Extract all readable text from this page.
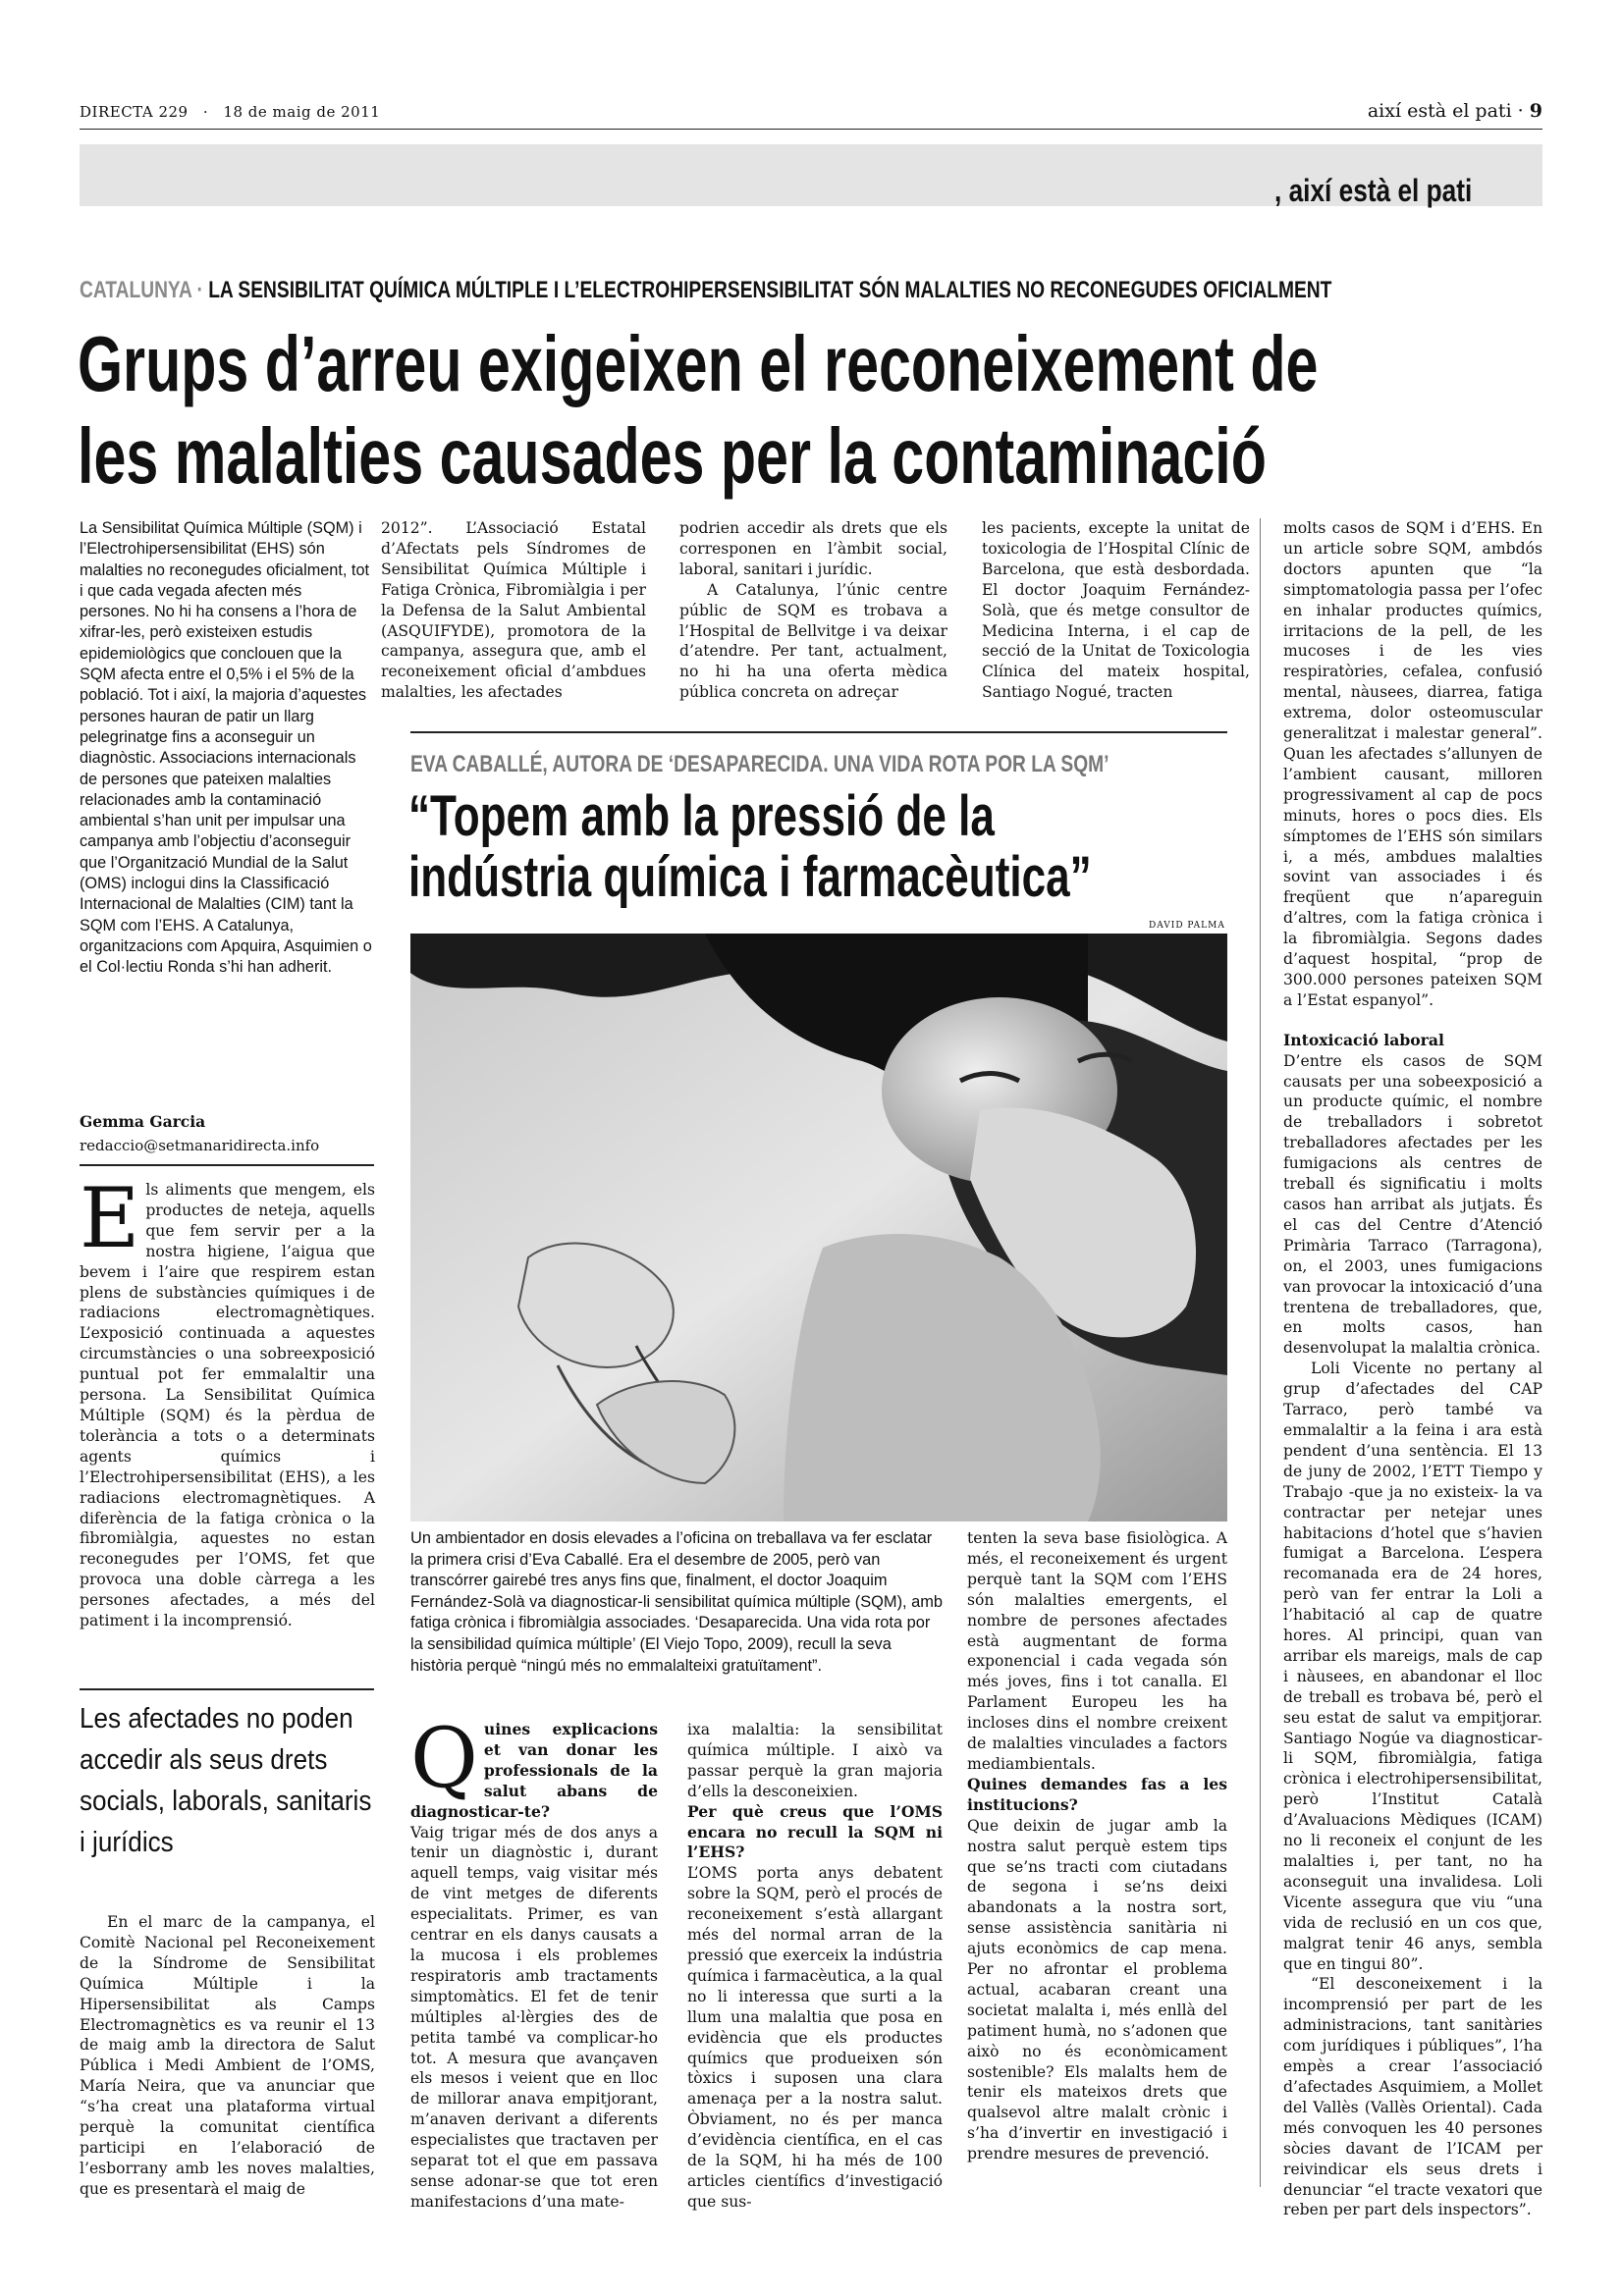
DIRECTA 229 · 18 de maig de 2011	així està el pati · 9
, així està el pati
CATALUNYA · LA SENSIBILITAT QUÍMICA MÚLTIPLE I L’ELECTROHIPERSENSIBILITAT SÓN MALALTIES NO RECONEGUDES OFICIALMENT
Grups d’arreu exigeixen el reconeixement de
les malalties causades per la contaminació
La Sensibilitat Química Múltiple (SQM) i l’Electrohipersensibilitat (EHS) són malalties no reconegudes oficialment, tot i que cada vegada afecten més persones. No hi ha consens a l’hora de xifrar-les, però existeixen estudis epidemiològics que conclouen que la SQM afecta entre el 0,5% i el 5% de la població. Tot i així, la majoria d’aquestes persones hauran de patir un llarg pelegrinatge fins a aconseguir un diagnòstic. Associacions internacionals de persones que pateixen malalties relacionades amb la contaminació ambiental s’han unit per impulsar una campanya amb l’objectiu d’aconseguir que l’Organització Mundial de la Salut (OMS) inclogui dins la Classificació Internacional de Malalties (CIM) tant la SQM com l’EHS. A Catalunya, organitzacions com Apquira, Asquimien o el Col·lectiu Ronda s’hi han adherit.
Gemma Garcia
redaccio@setmanaridirecta.info
E ls aliments que mengem, els productes de neteja, aquells que fem servir per a la nostra higiene, l’aigua que bevem i l’aire que respirem estan plens de substàncies químiques i de radiacions electromagnètiques. L’exposició continuada a aquestes circumstàncies o una sobreexposició puntual pot fer emmalaltir una persona. La Sensibilitat Química Múltiple (SQM) és la pèrdua de tolerància a tots o a determinats agents químics i l’Electrohipersensibilitat (EHS), a les radiacions electromagnètiques. A diferència de la fatiga crònica o la fibromiàlgia, aquestes no estan reconegudes per l’OMS, fet que provoca una doble càrrega a les persones afectades, a més del patiment i la incomprensió.

Les afectades no poden accedir als seus drets socials, laborals, sanitaris i jurídics

En el marc de la campanya, el Comitè Nacional pel Reconeixement de la Síndrome de Sensibilitat Química Múltiple i la Hipersensibilitat als Camps Electromagnètics es va reunir el 13 de maig amb la directora de Salut Pública i Medi Ambient de l’OMS, María Neira, que va anunciar que “s’ha creat una plataforma virtual perquè la comunitat científica participi en l’elaboració de l’esborrany amb les noves malalties, que es presentarà el maig de

2012”. L’Associació Estatal d’Afectats pels Síndromes de Sensibilitat Química Múltiple i Fatiga Crònica, Fibromiàlgia i per la Defensa de la Salut Ambiental (ASQUIFYDE), promotora de la campanya, assegura que, amb el reconeixement oficial d’ambdues malalties, les afectades

podrien accedir als drets que els corresponen en l’àmbit social, laboral, sanitari i jurídic.

A Catalunya, l’únic centre públic de SQM es trobava a l’Hospital de Bellvitge i va deixar d’atendre. Per tant, actualment, no hi ha una oferta mèdica pública concreta on adreçar

les pacients, excepte la unitat de toxicologia de l’Hospital Clínic de Barcelona, que està desbordada. El doctor Joaquim Fernández-Solà, que és metge consultor de Medicina Interna, i el cap de secció de la Unitat de Toxicologia Clínica del mateix hospital, Santiago Nogué, tracten

molts casos de SQM i d’EHS. En un article sobre SQM, ambdós doctors apunten que “la simptomatologia passa per l’ofec en inhalar productes químics, irritacions de la pell, de les mucoses i de les vies respiratòries, cefalea, confusió mental, nàusees, diarrea, fatiga extrema, dolor osteomuscular generalitzat i malestar general”. Quan les afectades s’allunyen de l’ambient causant, milloren progressivament al cap de pocs minuts, hores o pocs dies. Els símptomes de l’EHS són similars i, a més, ambdues malalties sovint van associades i és freqüent que n’apareguin d’altres, com la fatiga crònica i la fibromiàlgia. Segons dades d’aquest hospital, “prop de 300.000 persones pateixen SQM a l’Estat espanyol”.

Intoxicació laboral

D’entre els casos de SQM causats per una sobeexposició a un producte químic, el nombre de treballadors i sobretot treballadores afectades per les fumigacions als centres de treball és significatiu i molts casos han arribat als jutjats. És el cas del Centre d’Atenció Primària Tarraco (Tarragona), on, el 2003, unes fumigacions van provocar la intoxicació d’una trentena de treballadores, que, en molts casos, han desenvolupat la malaltia crònica.

Loli Vicente no pertany al grup d’afectades del CAP Tarraco, però també va emmalaltir a la feina i ara està pendent d’una sentència. El 13 de juny de 2002, l’ETT Tiempo y Trabajo -que ja no existeix- la va contractar per netejar unes habitacions d’hotel que s’havien fumigat a Barcelona. L’espera recomanada era de 24 hores, però van fer entrar la Loli a l’habitació al cap de quatre hores. Al principi, quan van arribar els mareigs, mals de cap i nàusees, en abandonar el lloc de treball es trobava bé, però el seu estat de salut va empitjorar. Santiago Nogúe va diagnosticar-li SQM, fibromiàlgia, fatiga crònica i electrohipersensibilitat, però l’Institut Català d’Avaluacions Mèdiques (ICAM) no li reconeix el conjunt de les malalties i, per tant, no ha aconseguit una invalidesa. Loli Vicente assegura que viu “una vida de reclusió en un cos que, malgrat tenir 46 anys, sembla que en tingui 80”.

“El desconeixement i la incomprensió per part de les administracions, tant sanitàries com jurídiques i públiques”, l’ha empès a crear l’associació d’afectades Asquimiem, a Mollet del Vallès (Vallès Oriental). Cada més convoquen les 40 persones sòcies davant de l’ICAM per reivindicar els seus drets i denunciar “el tracte vexatori que reben per part dels inspectors”.

EVA CABALLÉ, AUTORA DE ‘DESAPARECIDA. UNA VIDA ROTA POR LA SQM’
“Topem amb la pressió de la
indústria química i farmacèutica”
DAVID PALMA
Un ambientador en dosis elevades a l’oficina on treballava va fer esclatar la primera crisi d’Eva Caballé. Era el desembre de 2005, però van transcórrer gairebé tres anys fins que, finalment, el doctor Joaquim Fernández-Solà va diagnosticar-li sensibilitat química múltiple (SQM), amb fatiga crònica i fibromiàlgia associades. ‘Desaparecida. Una vida rota por la sensibilidad química múltiple’ (El Viejo Topo, 2009), recull la seva història perquè “ningú més no emmalalteixi gratuïtament”.
Q uines explicacions et van donar les professionals de la salut abans de diagnosticar-te?

Vaig trigar més de dos anys a tenir un diagnòstic i, durant aquell temps, vaig visitar més de vint metges de diferents especialitats. Primer, es van centrar en els danys causats a la mucosa i els problemes respiratoris amb tractaments simptomàtics. El fet de tenir múltiples al·lèrgies des de petita també va complicar-ho tot. A mesura que avançaven els mesos i veient que en lloc de millorar anava empitjorant, m’anaven derivant a diferents especialistes que tractaven per separat tot el que em passava sense adonar-se que tot eren manifestacions d’una mate-

ixa malaltia: la sensibilitat química múltiple. I això va passar perquè la gran majoria d’ells la desconeixien.

Per què creus que l’OMS encara no recull la SQM ni l’EHS?

L’OMS porta anys debatent sobre la SQM, però el procés de reconeixement s’està allargant més del normal arran de la pressió que exerceix la indústria química i farmacèutica, a la qual no li interessa que surti a la llum una malaltia que posa en evidència que els productes químics que produeixen són tòxics i suposen una clara amenaça per a la nostra salut. Òbviament, no és per manca d’evidència científica, en el cas de la SQM, hi ha més de 100 articles científics d’investigació que sus-

tenten la seva base fisiològica. A més, el reconeixement és urgent perquè tant la SQM com l’EHS són malalties emergents, el nombre de persones afectades està augmentant de forma exponencial i cada vegada són més joves, fins i tot canalla. El Parlament Europeu les ha incloses dins el nombre creixent de malalties vinculades a factors mediambientals.

Quines demandes fas a les institucions?

Que deixin de jugar amb la nostra salut perquè estem tips que se’ns tracti com ciutadans de segona i se’ns deixi abandonats a la nostra sort, sense assistència sanitària ni ajuts econòmics de cap mena. Per no afrontar el problema actual, acabaran creant una societat malalta i, més enllà del patiment humà, no s’adonen que això no és econòmicament sostenible? Els malalts hem de tenir els mateixos drets que qualsevol altre malalt crònic i s’ha d’invertir en investigació i prendre mesures de prevenció.
